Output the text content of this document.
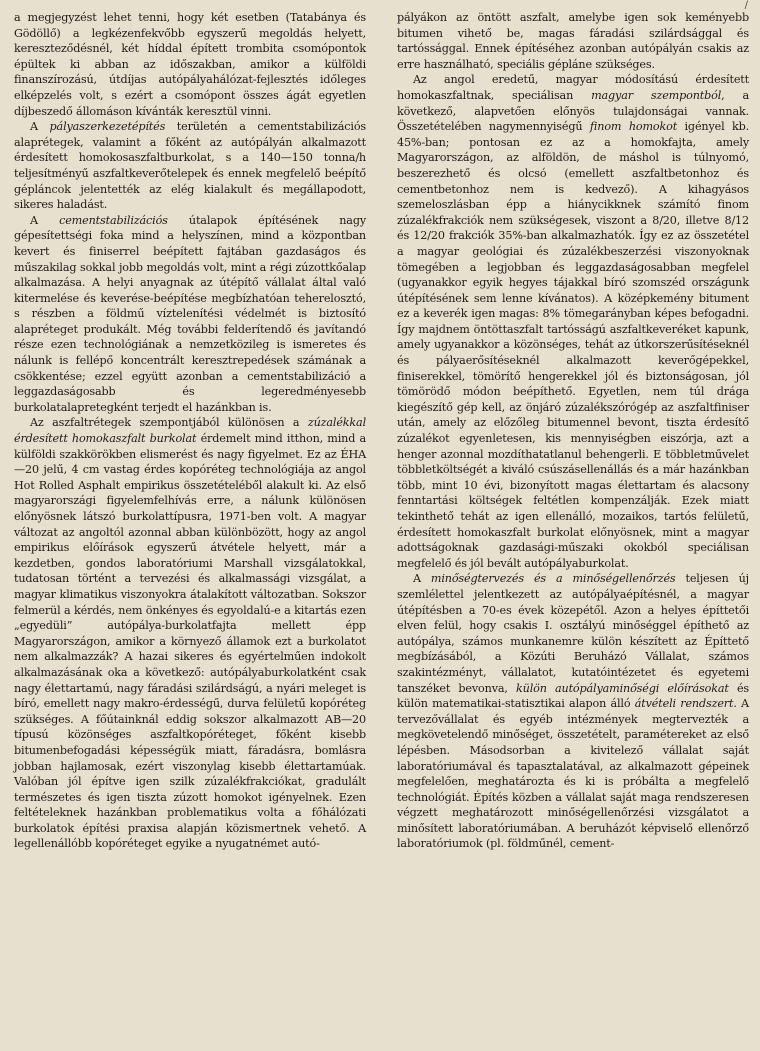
/

a megjegyzést lehet tenni, hogy két esetben (Tatabánya és Gödöllő) a legkézenfekvőbb egyszerű megoldás helyett, kereszteződésnél, két híddal épített trombita csomópontok épültek ki abban az időszakban, amikor a külföldi finanszírozású, útdíjas autópályahálózat-fejlesztés időleges elképzelés volt, s ezért a csomópont összes ágát egyetlen díjbeszedő állomáson kívánták keresztül vinni.

A pályaszerkezetépítés területén a cementstabilizációs alaprétegek, valamint a főként az autópályán alkalmazott érdesített homokosaszfaltburkolat, s a 140—150 tonna/h teljesítményű aszfaltkeverőtelepek és ennek megfelelő beépítő gépláncok jelentették az elég kialakult és megállapodott, sikeres haladást.

A cementstabilizációs útalapok építésének nagy gépesítettségi foka mind a helyszínen, mind a központban kevert és finiserrel beépített fajtában gazdaságos és műszakilag sokkal jobb megoldás volt, mint a régi zúzottkőalap alkalmazása. A helyi anyagnak az útépítő vállalat által való kitermelése és keverése-beépítése megbízhatóan teherelosztó, s részben a földmű víztelenítési védelmét is biztosító alapréteget produkált. Még további felderítendő és javítandó része ezen technológiának a nemzetközileg is ismeretes és nálunk is fellépő koncentrált keresztrepedések számának a csökkentése; ezzel együtt azonban a cementstabilizáció a leggazdaságosabb és legeredményesebb burkolatalapretegként terjedt el hazánkban is.

Az aszfaltrétegek szempontjából különösen a zúzalékkal érdesített homokaszfalt burkolat érdemelt mind itthon, mind a külföldi szakkörökben elismerést és nagy figyelmet. Ez az ÉHA—20 jelű, 4 cm vastag érdes kopóréteg technológiája az angol Hot Rolled Asphalt empirikus összetételéből alakult ki. Az első magyarországi figyelemfelhívás erre, a nálunk különösen előnyösnek látszó burkolattípusra, 1971-ben volt. A magyar változat az angoltól azonnal abban különbözött, hogy az angol empirikus előírások egyszerű átvétele helyett, már a kezdetben, gondos laboratóriumi Marshall vizsgálatokkal, tudatosan történt a tervezési és alkalmassági vizsgálat, a magyar klimatikus viszonyokra átalakított változatban. Sokszor felmerül a kérdés, nem önkényes és egyoldalú-e a kitartás ezen „egyedüli” autópálya-burkolatfajta mellett épp Magyarországon, amikor a környező államok ezt a burkolatot nem alkalmazzák? A hazai sikeres és egyértelműen indokolt alkalmazásának oka a következő: autópályaburkolatként csak nagy élettartamú, nagy fáradási szilárdságú, a nyári meleget is bíró, emellett nagy makro-érdességű, durva felületű kopóréteg szükséges. A főútainknál eddig sokszor alkalmazott AB—20 típusú közönséges aszfaltkopóréteget, főként kisebb bitumenbefogadási képességük miatt, fáradásra, bomlásra jobban hajlamosak, ezért viszonylag kisebb élettartamúak. Valóban jól építve igen szilk zúzalékfrakciókat, gradulált természetes és igen tiszta zúzott homokot igényelnek. Ezen feltételeknek hazánkban problematikus volta a főhálózati burkolatok építési praxisa alapján közismertnek vehető. A legellenállóbb kopóréteget egyike a nyugatnémet autó-

pályákon az öntött aszfalt, amelybe igen sok keményebb bitumen vihető be, magas fáradási szilárdsággal és tartóssággal. Ennek építéséhez azonban autópályán csakis az erre használható, speciális gépláne szükséges.

Az angol eredetű, magyar módosítású érdesített homokaszfaltnak, speciálisan magyar szempontból, a következő, alapvetően előnyös tulajdonságai vannak. Összetételében nagymennyiségű finom homokot igényel kb. 45%-ban; pontosan ez az a homokfajta, amely Magyarországon, az alföldön, de máshol is túlnyomó, beszerezhető és olcsó (emellett aszfaltbetonhoz és cementbetonhoz nem is kedvező). A kihagyásos szemeloszlásban épp a hiánycikknek számító finom zúzalékfrakciók nem szükségesek, viszont a 8/20, illetve 8/12 és 12/20 frakciók 35%-ban alkalmazhatók. Így ez az összetétel a magyar geológiai és zúzalékbeszerzési viszonyoknak tömegében a legjobban és leggazdaságosabban megfelel (ugyanakkor egyik hegyes tájakkal bíró szomszéd országunk útépítésének sem lenne kívánatos). A középkemény bitument ez a keverék igen magas: 8% tömegarányban képes befogadni. Így majdnem öntöttaszfalt tartósságú aszfaltkeveréket kapunk, amely ugyanakkor a közönséges, tehát az útkorszerűsítéseknél és pályaerősítéseknél alkalmazott keverőgépekkel, finiserekkel, tömörítő hengerekkel jól és biztonságosan, jól tömörödő módon beépíthető. Egyetlen, nem túl drága kiegészítő gép kell, az önjáró zúzalékszórógép az aszfaltfiniser után, amely az előzőleg bitumennel bevont, tiszta érdesítő zúzalékot egyenletesen, kis mennyiségben eiszórja, azt a henger azonnal mozdíthatatlanul behengerli. E többletművelet többletköltségét a kiváló csúszásellenállás és a már hazánkban több, mint 10 évi, bizonyított magas élettartam és alacsony fenntartási költségek feltétlen kompenzálják. Ezek miatt tekinthető tehát az igen ellenálló, mozaikos, tartós felületű, érdesített homokaszfalt burkolat előnyösnek, mint a magyar adottságoknak gazdasági-műszaki okokból speciálisan megfelelő és jól bevált autópályaburkolat.

A minőségtervezés és a minőségellenőrzés teljesen új szemlélettel jelentkezett az autópályaépítésnél, a magyar útépítésben a 70-es évek közepétől. Azon a helyes építtetői elven felül, hogy csakis I. osztályú minőséggel építhető az autópálya, számos munkanemre külön készített az Építtető megbízásából, a Közúti Beruházó Vállalat, számos szakintézményt, vállalatot, kutatóintézetet és egyetemi tanszéket bevonva, külön autópályaminőségi előírásokat és külön matematikai-statisztikai alapon álló átvételi rendszert. A tervezővállalat és egyéb intézmények megtervezték a megkövetelendő minőséget, összetételt, paramétereket az első lépésben. Másodsorban a kivitelező vállalat saját laboratóriumával és tapasztalatával, az alkalmazott gépeinek megfelelően, meghatározta és ki is próbálta a megfelelő technológiát. Építés közben a vállalat saját maga rendszeresen végzett meghatározott minőségellenőrzési vizsgálatot a minősített laboratóriumában. A beruházót képviselő ellenőrző laboratóriumok (pl. földműnél, cement-
